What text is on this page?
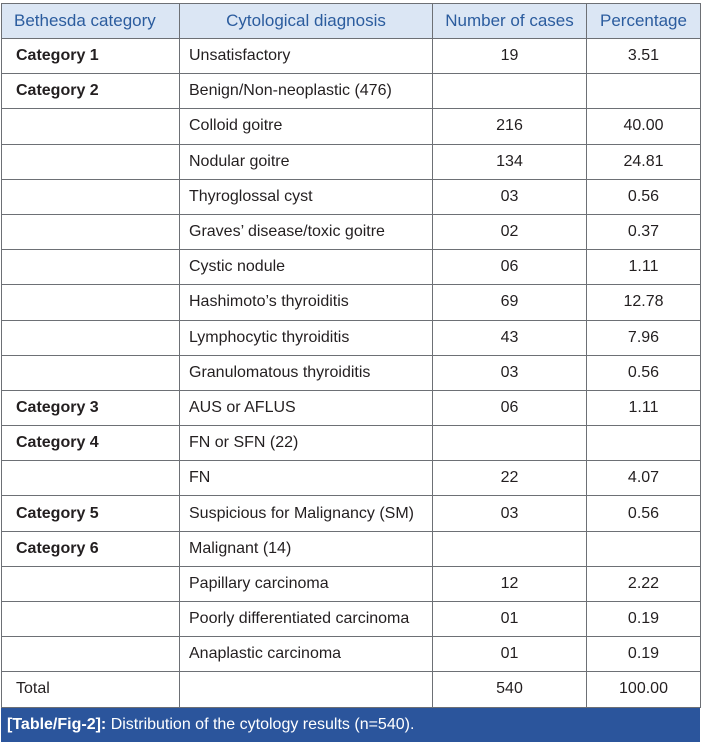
Bethesda category	Cytological diagnosis	Number of cases	Percentage
Category 1	Unsatisfactory	19	3.51
Category 2	Benign/Non-neoplastic (476)		
	Colloid goitre	216	40.00
	Nodular goitre	134	24.81
	Thyroglossal cyst	03	0.56
	Graves’ disease/toxic goitre	02	0.37
	Cystic nodule	06	1.11
	Hashimoto’s thyroiditis	69	12.78
	Lymphocytic thyroiditis	43	7.96
	Granulomatous thyroiditis	03	0.56
Category 3	AUS or AFLUS	06	1.11
Category 4	FN or SFN (22)		
	FN	22	4.07
Category 5	Suspicious for Malignancy (SM)	03	0.56
Category 6	Malignant (14)		
	Papillary carcinoma	12	2.22
	Poorly differentiated carcinoma	01	0.19
	Anaplastic carcinoma	01	0.19
Total		540	100.00
[Table/Fig-2]: Distribution of the cytology results (n=540).
